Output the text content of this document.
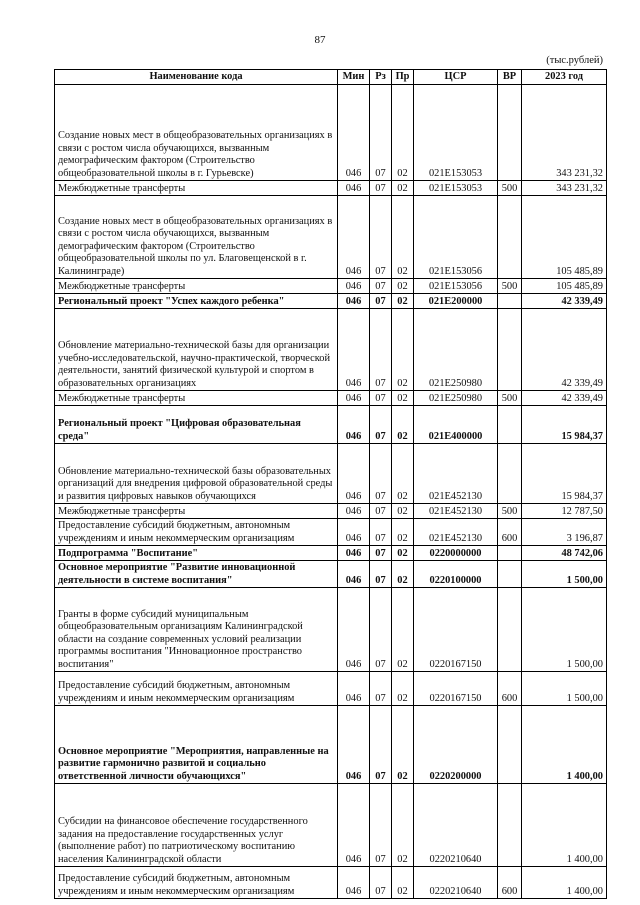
87
(тыс.рублей)
Наименование кода	Мин	Рз	Пр	ЦСР	ВР	2023 год
Создание новых мест в общеобразовательных организациях в связи с ростом числа обучающихся, вызванным демографическим фактором (Строительство общеобразовательной школы в г. Гурьевске)	046	07	02	021Е153053		343 231,32
Межбюджетные трансферты	046	07	02	021Е153053	500	343 231,32
Создание новых мест в общеобразовательных организациях в связи с ростом числа обучающихся, вызванным демографическим фактором (Строительство общеобразовательной школы по ул. Благовещенской в г. Калининграде)	046	07	02	021Е153056		105 485,89
Межбюджетные трансферты	046	07	02	021Е153056	500	105 485,89
Региональный проект "Успех каждого ребенка"	046	07	02	021Е200000		42 339,49
Обновление материально-технической базы для организации учебно-исследовательской, научно-практической, творческой деятельности, занятий физической культурой и спортом в образовательных организациях	046	07	02	021Е250980		42 339,49
Межбюджетные трансферты	046	07	02	021Е250980	500	42 339,49
Региональный проект "Цифровая образовательная среда"	046	07	02	021Е400000		15 984,37
Обновление материально-технической базы образовательных организаций для внедрения цифровой образовательной среды и развития цифровых навыков обучающихся	046	07	02	021Е452130		15 984,37
Межбюджетные трансферты	046	07	02	021Е452130	500	12 787,50
Предоставление субсидий бюджетным, автономным учреждениям и иным некоммерческим организациям	046	07	02	021Е452130	600	3 196,87
Подпрограмма "Воспитание"	046	07	02	0220000000		48 742,06
Основное мероприятие "Развитие инновационной деятельности в системе воспитания"	046	07	02	0220100000		1 500,00
Гранты в форме субсидий муниципальным общеобразовательным организациям Калининградской области на создание современных условий реализации программы воспитания "Инновационное пространство воспитания"	046	07	02	0220167150		1 500,00
Предоставление субсидий бюджетным, автономным учреждениям и иным некоммерческим организациям	046	07	02	0220167150	600	1 500,00
Основное мероприятие "Мероприятия, направленные на развитие гармонично развитой и социально ответственной личности обучающихся"	046	07	02	0220200000		1 400,00
Субсидии на финансовое обеспечение государственного задания на предоставление государственных услуг (выполнение работ) по патриотическому воспитанию населения Калининградской области	046	07	02	0220210640		1 400,00
Предоставление субсидий бюджетным, автономным учреждениям и иным некоммерческим организациям	046	07	02	0220210640	600	1 400,00
